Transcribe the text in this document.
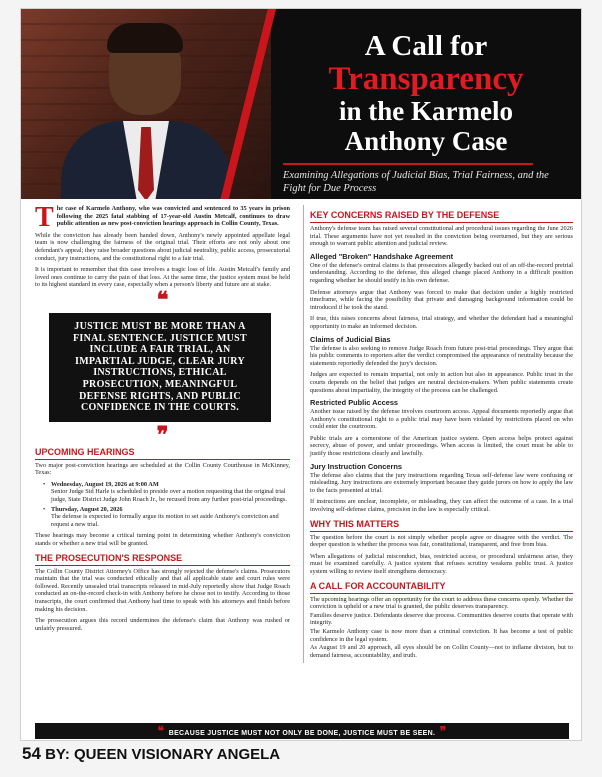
A Call for
Transparency
in the Karmelo
Anthony Case
Examining Allegations of Judicial Bias, Trial Fairness, and the Fight for Due Process

The case of Karmelo Anthony, who was convicted and sentenced to 35 years in prison following the 2025 fatal stabbing of 17-year-old Austin Metcalf, continues to draw public attention as new post-conviction hearings approach in Collin County, Texas.

While the conviction has already been handed down, Anthony's newly appointed appellate legal team is now challenging the fairness of the original trial. Their efforts are not only about one defendant's appeal; they raise broader questions about judicial neutrality, public access, prosecutorial conduct, jury instructions, and the constitutional right to a fair trial.

It is important to remember that this case involves a tragic loss of life. Austin Metcalf's family and loved ones continue to carry the pain of that loss. At the same time, the justice system must be held to its highest standard in every case, especially when a person's liberty and future are at stake.

❝
JUSTICE MUST BE MORE THAN A FINAL SENTENCE. JUSTICE MUST INCLUDE A FAIR TRIAL, AN IMPARTIAL JUDGE, CLEAR JURY INSTRUCTIONS, ETHICAL PROSECUTION, MEANINGFUL DEFENSE RIGHTS, AND PUBLIC CONFIDENCE IN THE COURTS.
❞
UPCOMING HEARINGS

Two major post-conviction hearings are scheduled at the Collin County Courthouse in McKinney, Texas:

• Wednesday, August 19, 2026 at 9:00 AM
Senior Judge Sid Harle is scheduled to preside over a motion requesting that the original trial judge, State District Judge John Roach Jr., be recused from any further post-trial proceedings.
• Thursday, August 20, 2026
The defense is expected to formally argue its motion to set aside Anthony's conviction and request a new trial.

These hearings may become a critical turning point in determining whether Anthony's conviction stands or whether a new trial will be granted.

THE PROSECUTION'S RESPONSE

The Collin County District Attorney's Office has strongly rejected the defense's claims. Prosecutors maintain that the trial was conducted ethically and that all applicable state and court rules were followed. Recently unsealed trial transcripts released in mid-July reportedly show that Judge Roach conducted an on-the-record check-in with Anthony before he chose not to testify. According to those transcripts, the court confirmed that Anthony had time to speak with his attorneys and finish before making his decision.

The prosecution argues this record undermines the defense's claim that Anthony was rushed or unfairly pressured.

KEY CONCERNS RAISED BY THE DEFENSE

Anthony's defense team has raised several constitutional and procedural issues regarding the June 2026 trial. These arguments have not yet resulted in the conviction being overturned, but they are serious enough to warrant public attention and judicial review.

Alleged "Broken" Handshake Agreement

One of the defense's central claims is that prosecutors allegedly backed out of an off-the-record pretrial understanding. According to the defense, this alleged change placed Anthony in a difficult position regarding whether he should testify in his own defense.

Defense attorneys argue that Anthony was forced to make that decision under a highly restricted timeframe, while facing the possibility that private and damaging background information could be introduced if he took the stand.

If true, this raises concerns about fairness, trial strategy, and whether the defendant had a meaningful opportunity to make an informed decision.

Claims of Judicial Bias

The defense is also seeking to remove Judge Roach from future post-trial proceedings. They argue that his public comments to reporters after the verdict compromised the appearance of neutrality because the statements reportedly defended the jury's decision.

Judges are expected to remain impartial, not only in action but also in appearance. Public trust in the courts depends on the belief that judges are neutral decision-makers. When public statements create questions about impartiality, the integrity of the process can be challenged.

Restricted Public Access

Another issue raised by the defense involves courtroom access. Appeal documents reportedly argue that Anthony's constitutional right to a public trial may have been violated by restrictions placed on who could enter the courtroom.

Public trials are a cornerstone of the American justice system. Open access helps protect against secrecy, abuse of power, and unfair proceedings. When access is limited, the court must be able to justify those restrictions clearly and lawfully.

Jury Instruction Concerns

The defense also claims that the jury instructions regarding Texas self-defense law were confusing or misleading. Jury instructions are extremely important because they guide jurors on how to apply the law to the facts presented at trial.

If instructions are unclear, incomplete, or misleading, they can affect the outcome of a case. In a trial involving self-defense claims, precision in the law is especially critical.

WHY THIS MATTERS

The question before the court is not simply whether people agree or disagree with the verdict. The deeper question is whether the process was fair, constitutional, transparent, and free from bias.

When allegations of judicial misconduct, bias, restricted access, or procedural unfairness arise, they must be examined carefully. A justice system that refuses scrutiny weakens public trust. A justice system willing to review itself strengthens democracy.

A CALL FOR ACCOUNTABILITY

The upcoming hearings offer an opportunity for the court to address these concerns openly. Whether the conviction is upheld or a new trial is granted, the public deserves transparency.

Families deserve justice. Defendants deserve due process. Communities deserve courts that operate with integrity.

The Karmelo Anthony case is now more than a criminal conviction. It has become a test of public confidence in the legal system.

As August 19 and 20 approach, all eyes should be on Collin County—not to inflame division, but to demand fairness, accountability, and truth.

❝ BECAUSE JUSTICE MUST NOT ONLY BE DONE, JUSTICE MUST BE SEEN. ❞
54 BY: QUEEN VISIONARY ANGELA
